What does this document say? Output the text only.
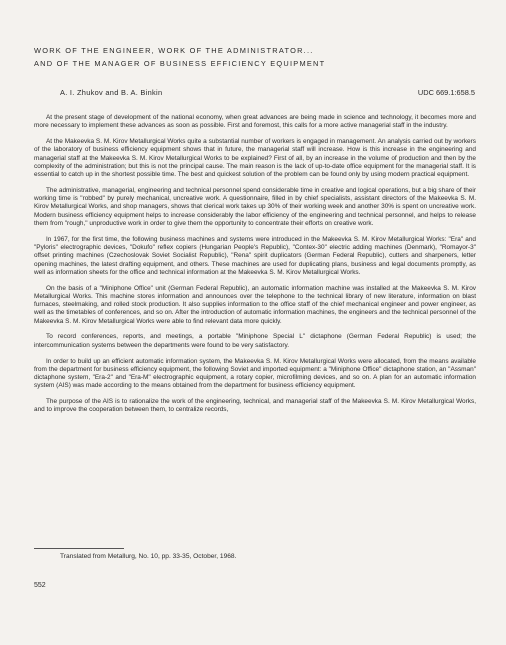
WORK OF THE ENGINEER, WORK OF THE ADMINISTRATOR...
AND OF THE MANAGER OF BUSINESS EFFICIENCY EQUIPMENT
A. I. Zhukov and B. A. Binkin	UDC 669.1:658.5

At the present stage of development of the national economy, when great advances are being made in science and technology, it becomes more and more necessary to implement these advances as soon as possible. First and foremost, this calls for a more active managerial staff in the industry.

At the Makeevka S. M. Kirov Metallurgical Works quite a substantial number of workers is engaged in management. An analysis carried out by workers of the laboratory of business efficiency equipment shows that in future, the managerial staff will increase. How is this increase in the engineering and managerial staff at the Makeevka S. M. Kirov Metallurgical Works to be explained? First of all, by an increase in the volume of production and then by the complexity of the administration; but this is not the principal cause. The main reason is the lack of up-to-date office equipment for the managerial staff. It is essential to catch up in the shortest possible time. The best and quickest solution of the problem can be found only by using modern practical equipment.

The administrative, managerial, engineering and technical personnel spend considerable time in creative and logical operations, but a big share of their working time is "robbed" by purely mechanical, uncreative work. A questionnaire, filled in by chief specialists, assistant directors of the Makeevka S. M. Kirov Metallurgical Works, and shop managers, shows that clerical work takes up 30% of their working week and another 30% is spent on uncreative work. Modern business efficiency equipment helps to increase considerably the labor efficiency of the engineering and technical personnel, and helps to release them from "rough," unproductive work in order to give them the opportunity to concentrate their efforts on creative work.

In 1967, for the first time, the following business machines and systems were introduced in the Makeevka S. M. Kirov Metallurgical Works: "Era" and "Pyloris" electrographic devices, "Dokufo" reflex copiers (Hungarian People's Republic), "Contex-30" electric adding machines (Denmark), "Romayor-3" offset printing machines (Czechoslovak Soviet Socialist Republic), "Rena" spirit duplicators (German Federal Republic), cutters and sharpeners, letter opening machines, the latest drafting equipment, and others. These machines are used for duplicating plans, business and legal documents promptly, as well as information sheets for the office and technical information at the Makeevka S. M. Kirov Metallurgical Works.

On the basis of a "Miniphone Office" unit (German Federal Republic), an automatic information machine was installed at the Makeevka S. M. Kirov Metallurgical Works. This machine stores information and announces over the telephone to the technical library of new literature, information on blast furnaces, steelmaking, and rolled stock production. It also supplies information to the office staff of the chief mechanical engineer and power engineer, as well as the timetables of conferences, and so on. After the introduction of automatic information machines, the engineers and the technical personnel of the Makeevka S. M. Kirov Metallurgical Works were able to find relevant data more quickly.

To record conferences, reports, and meetings, a portable "Miniphone Special L" dictaphone (German Federal Republic) is used; the intercommunication systems between the departments were found to be very satisfactory.

In order to build up an efficient automatic information system, the Makeevka S. M. Kirov Metallurgical Works were allocated, from the means available from the department for business efficiency equipment, the following Soviet and imported equipment: a "Miniphone Office" dictaphone station, an "Assman" dictaphone system, "Era-2" and "Era-M" electrographic equipment, a rotary copier, microfilming devices, and so on. A plan for an automatic information system (AIS) was made according to the means obtained from the department for business efficiency equipment.

The purpose of the AIS is to rationalize the work of the engineering, technical, and managerial staff of the Makeevka S. M. Kirov Metallurgical Works, and to improve the cooperation between them, to centralize records,

Translated from Metallurg, No. 10, pp. 33-35, October, 1968.
552
